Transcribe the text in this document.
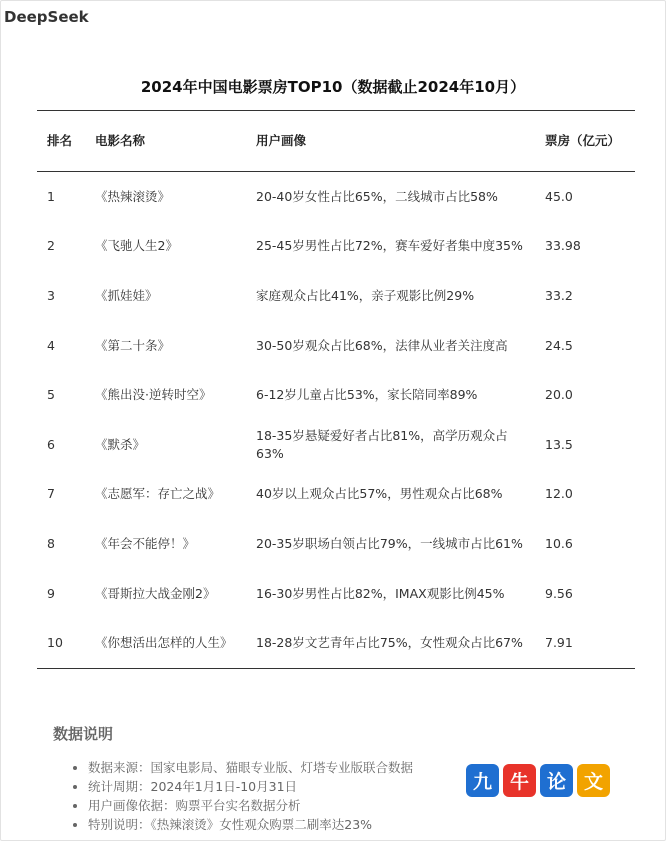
DeepSeek
2024年中国电影票房TOP10（数据截止2024年10月）
排名	电影名称	用户画像	票房（亿元）
1	《热辣滚烫》	20-40岁女性占比65%，二线城市占比58%	45.0
2	《飞驰人生2》	25-45岁男性占比72%，赛车爱好者集中度35%	33.98
3	《抓娃娃》	家庭观众占比41%，亲子观影比例29%	33.2
4	《第二十条》	30-50岁观众占比68%，法律从业者关注度高	24.5
5	《熊出没·逆转时空》	6-12岁儿童占比53%，家长陪同率89%	20.0
6	《默杀》	18-35岁悬疑爱好者占比81%，高学历观众占63%	13.5
7	《志愿军：存亡之战》	40岁以上观众占比57%，男性观众占比68%	12.0
8	《年会不能停！》	20-35岁职场白领占比79%，一线城市占比61%	10.6
9	《哥斯拉大战金刚2》	16-30岁男性占比82%，IMAX观影比例45%	9.56
10	《你想活出怎样的人生》	18-28岁文艺青年占比75%，女性观众占比67%	7.91
数据说明
• 数据来源：国家电影局、猫眼专业版、灯塔专业版联合数据
• 统计周期：2024年1月1日-10月31日
• 用户画像依据：购票平台实名数据分析
• 特别说明：《热辣滚烫》女性观众购票二刷率达23%
九 牛 论 文
